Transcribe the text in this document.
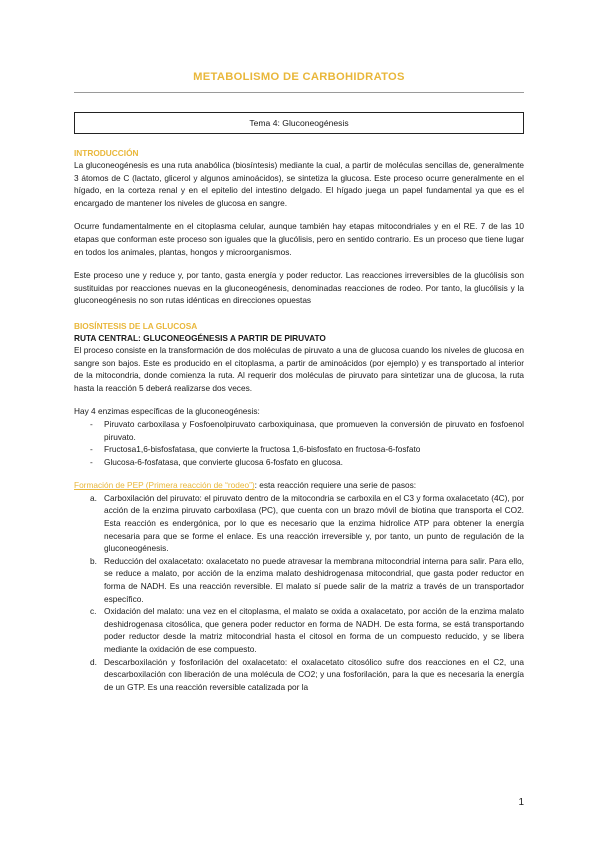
METABOLISMO DE CARBOHIDRATOS
Tema 4: Gluconeogénesis
INTRODUCCIÓN

La gluconeogénesis es una ruta anabólica (biosíntesis) mediante la cual, a partir de moléculas sencillas de, generalmente 3 átomos de C (lactato, glicerol y algunos aminoácidos), se sintetiza la glucosa. Este proceso ocurre generalmente en el hígado, en la corteza renal y en el epitelio del intestino delgado. El hígado juega un papel fundamental ya que es el encargado de mantener los niveles de glucosa en sangre.

Ocurre fundamentalmente en el citoplasma celular, aunque también hay etapas mitocondriales y en el RE. 7 de las 10 etapas que conforman este proceso son iguales que la glucólisis, pero en sentido contrario. Es un proceso que tiene lugar en todos los animales, plantas, hongos y microorganismos.

Este proceso une y reduce y, por tanto, gasta energía y poder reductor. Las reacciones irreversibles de la glucólisis son sustituidas por reacciones nuevas en la gluconeogénesis, denominadas reacciones de rodeo. Por tanto, la glucólisis y la gluconeogénesis no son rutas idénticas en direcciones opuestas

BIOSÍNTESIS DE LA GLUCOSA
RUTA CENTRAL: GLUCONEOGÉNESIS A PARTIR DE PIRUVATO

El proceso consiste en la transformación de dos moléculas de piruvato a una de glucosa cuando los niveles de glucosa en sangre son bajos. Este es producido en el citoplasma, a partir de aminoácidos (por ejemplo) y es transportado al interior de la mitocondria, donde comienza la ruta. Al requerir dos moléculas de piruvato para sintetizar una de glucosa, la ruta hasta la reacción 5 deberá realizarse dos veces.

Hay 4 enzimas específicas de la gluconeogénesis:

- Piruvato carboxilasa y Fosfoenolpiruvato carboxiquinasa, que promueven la conversión de piruvato en fosfoenol piruvato.
- Fructosa1,6-bisfosfatasa, que convierte la fructosa 1,6-bisfosfato en fructosa-6-fosfato
- Glucosa-6-fosfatasa, que convierte glucosa 6-fosfato en glucosa.

Formación de PEP (Primera reacción de “rodeo”): esta reacción requiere una serie de pasos:

a. Carboxilación del piruvato: el piruvato dentro de la mitocondria se carboxila en el C3 y forma oxalacetato (4C), por acción de la enzima piruvato carboxilasa (PC), que cuenta con un brazo móvil de biotina que transporta el CO2. Esta reacción es endergónica, por lo que es necesario que la enzima hidrolice ATP para obtener la energía necesaria para que se forme el enlace. Es una reacción irreversible y, por tanto, un punto de regulación de la gluconeogénesis.
b. Reducción del oxalacetato: oxalacetato no puede atravesar la membrana mitocondrial interna para salir. Para ello, se reduce a malato, por acción de la enzima malato deshidrogenasa mitocondrial, que gasta poder reductor en forma de NADH. Es una reacción reversible. El malato sí puede salir de la matriz a través de un transportador específico.
c. Oxidación del malato: una vez en el citoplasma, el malato se oxida a oxalacetato, por acción de la enzima malato deshidrogenasa citosólica, que genera poder reductor en forma de NADH. De esta forma, se está transportando poder reductor desde la matriz mitocondrial hasta el citosol en forma de un compuesto reducido, y se libera mediante la oxidación de ese compuesto.
d. Descarboxilación y fosforilación del oxalacetato: el oxalacetato citosólico sufre dos reacciones en el C2, una descarboxilación con liberación de una molécula de CO2; y una fosforilación, para la que es necesaria la energía de un GTP. Es una reacción reversible catalizada por la
1
